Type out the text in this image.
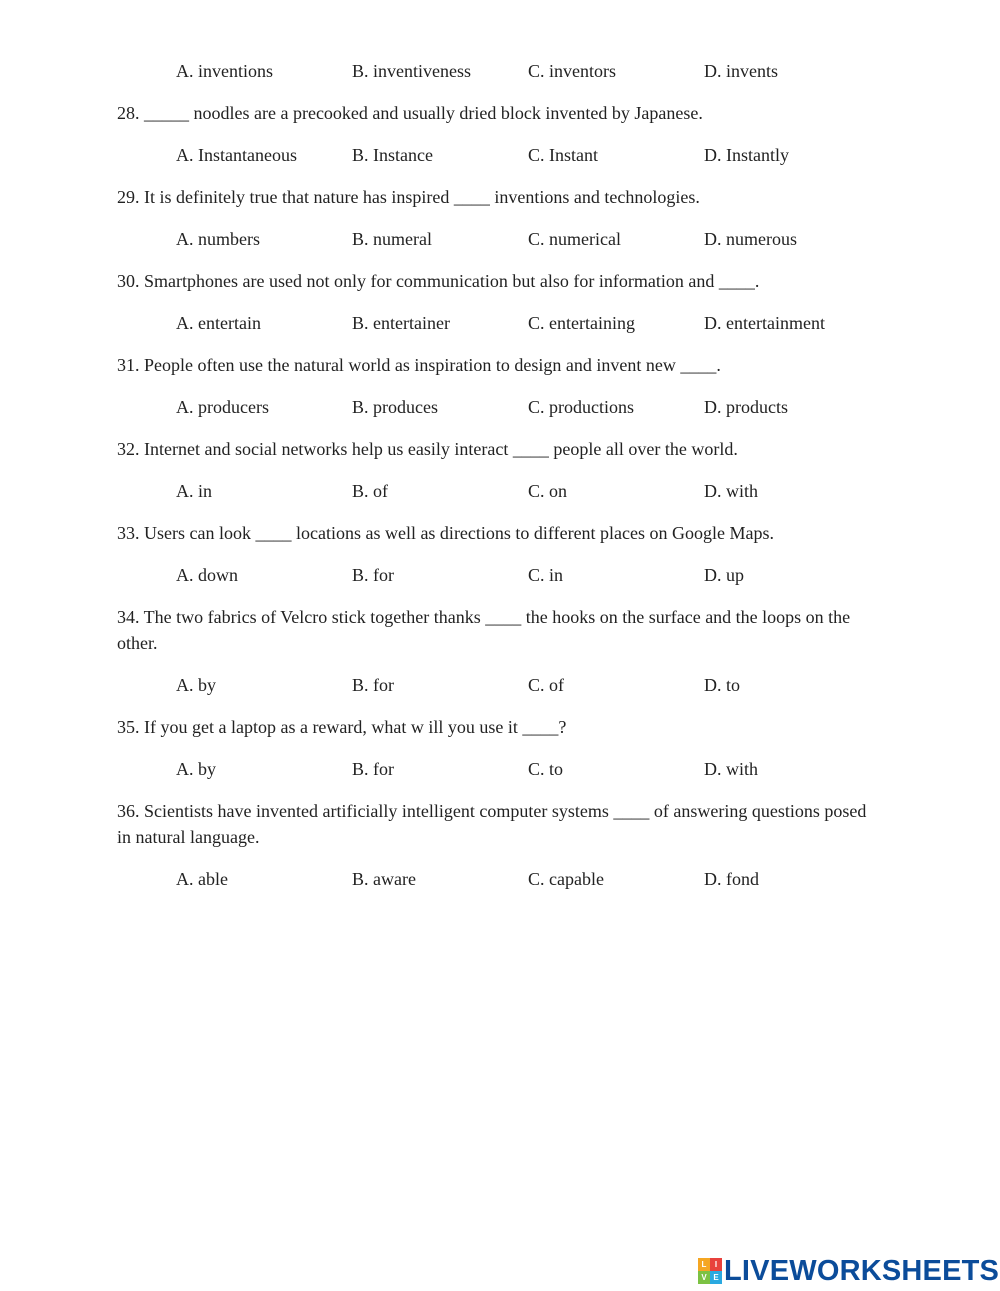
A. inventions	B. inventiveness	C. inventors	D. invents

28. _____ noodles are a precooked and usually dried block invented by Japanese.

A. Instantaneous	B. Instance	C. Instant	D. Instantly

29. It is definitely true that nature has inspired ____ inventions and technologies.

A. numbers	B. numeral	C. numerical	D. numerous

30. Smartphones are used not only for communication but also for information and ____.

A. entertain	B. entertainer	C. entertaining	D. entertainment

31. People often use the natural world as inspiration to design and invent new ____.

A. producers	B. produces	C. productions	D. products

32. Internet and social networks help us easily interact ____ people all over the world.

A. in	B. of	C. on	D. with

33. Users can look ____ locations as well as directions to different places on Google Maps.

A. down	B. for	C. in	D. up

34. The two fabrics of Velcro stick together thanks ____ the hooks on the surface and the loops on the other.

A. by	B. for	C. of	D. to

35. If you get a laptop as a reward, what w ill you use it ____?

A. by	B. for	C. to	D. with

36. Scientists have invented artificially intelligent computer systems ____ of answering questions posed in natural language.

A. able	B. aware	C. capable	D. fond
L	I
V E LIVEWORKSHEETS
